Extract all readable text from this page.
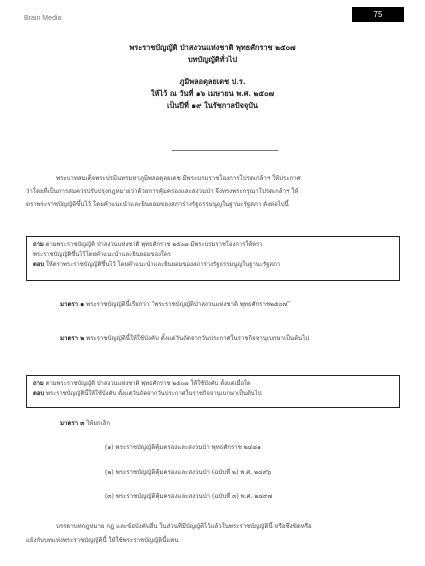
Brain Media	75
พระราชบัญญัติ ป่าสงวนแห่งชาติ พุทธศักราช ๒๕๐๗
บทบัญญัติทั่วไป
ภูมิพลอดุลยเดช ป.ร.
ให้ไว้ ณ วันที่ ๑๖ เมษายน พ.ศ. ๒๕๐๗
เป็นปีที่ ๑๙ ในรัชกาลปัจจุบัน
พระบาทสมเด็จพระปรมินทรมหาภูมิพลอดุลยเดช มีพระบรมราชโองการโปรดเกล้าฯ ให้ประกาศ
ว่าโดยที่เป็นการสมควรปรับปรุงกฎหมายว่าด้วยการคุ้มครองและสงวนป่า จึงทรงพระกรุณาโปรดเกล้าฯ ให้
ตราพระราชบัญญัติขึ้นไว้ โดยคำแนะนำและยินยอมของสภาร่างรัฐธรรมนูญในฐานะรัฐสภา ดังต่อไปนี้
ถาม ตามพระราชบัญญัติ ป่าสงวนแห่งชาติ พุทธศักราช ๒๕๐๗ มีพระบรมราชโองการให้ตรา
พระราชบัญญัติขึ้นไว้โดยคำแนะนำและยินยอมของใคร
ตอบ ให้ตราพระราชบัญญัติขึ้นไว้ โดยคำแนะนำและยินยอมของสภาร่างรัฐธรรมนูญในฐานะรัฐสภา
มาตรา ๑ พระราชบัญญัตินี้เรียกว่า “พระราชบัญญัติป่าสงวนแห่งชาติ พุทธศักราช๒๕๐๗”
มาตรา ๒ พระราชบัญญัตินี้ให้ใช้บังคับ ตั้งแต่วันถัดจากวันประกาศในราชกิจจานุเบกษาเป็นต้นไป
ถาม ตามพระราชบัญญัติ ป่าสงวนแห่งชาติ พุทธศักราช ๒๕๐๗ ให้ใช้บังคับ ตั้งแต่เมื่อใด
ตอบ พระราชบัญญัตินี้ให้ใช้บังคับ ตั้งแต่วันถัดจากวันประกาศในราชกิจจานุเบกษาเป็นต้นไป
มาตรา ๓ ให้ยกเลิก
(๑) พระราชบัญญัติคุ้มครองและสงวนป่า พุทธศักราช ๒๔๘๑
(๒) พระราชบัญญัติคุ้มครองและสงวนป่า (ฉบับที่ ๒) พ.ศ. ๒๔๙๖
(๓) พระราชบัญญัติคุ้มครองและสงวนป่า (ฉบับที่ ๓) พ.ศ. ๒๔๙๗
บรรดาบทกฎหมาย กฎ และข้อบังคับอื่น ในส่วนที่มีบัญญัติไว้แล้วในพระราชบัญญัตินี้ หรือซึ่งขัดหรือ
แย้งกับบทแห่งพระราชบัญญัตินี้ ให้ใช้พระราชบัญญัตินี้แทน
